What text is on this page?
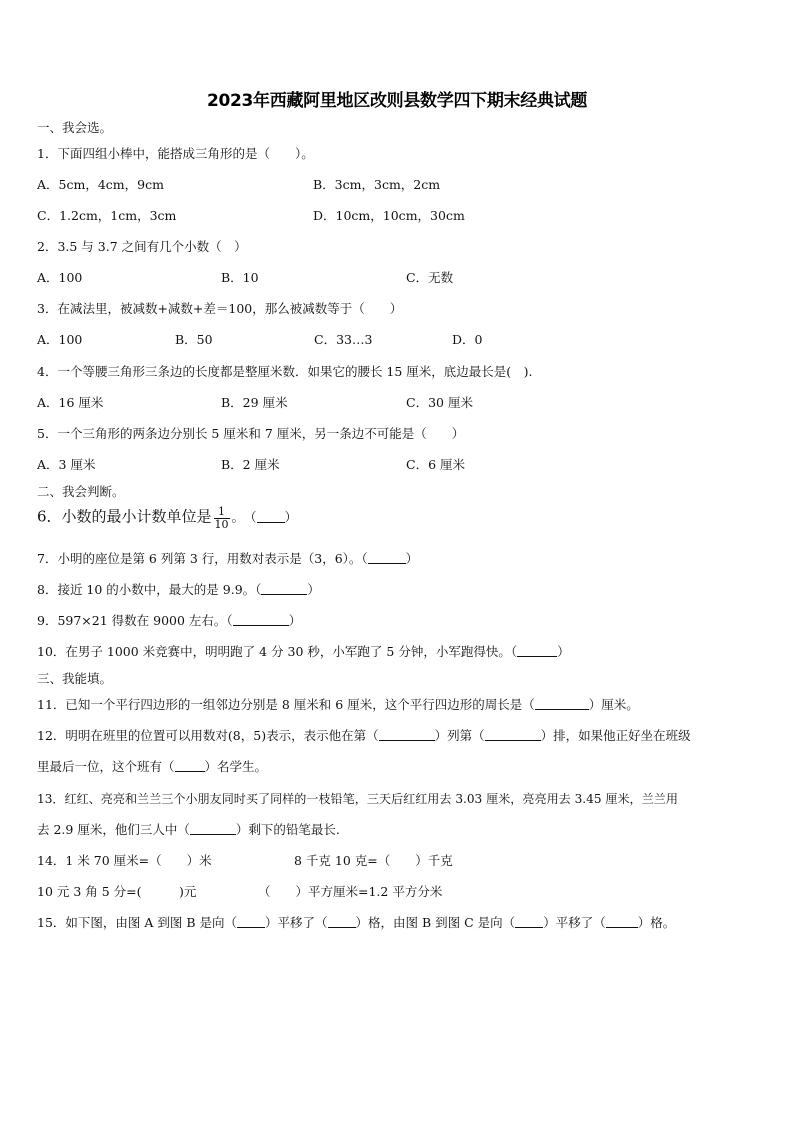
2023年西藏阿里地区改则县数学四下期末经典试题
一、我会选。
1．下面四组小棒中，能搭成三角形的是（　　）。
A．5cm，4cm，9cm	B．3cm，3cm，2cm
C．1.2cm，1cm，3cm	D．10cm，10cm，30cm
2．3.5 与 3.7 之间有几个小数（　）
A．100	B．10	C．无数
3．在减法里，被减数+减数+差＝100，那么被减数等于（　　）
A．100	B．50	C．33…3	D．0
4．一个等腰三角形三条边的长度都是整厘米数．如果它的腰长 15 厘米，底边最长是(　).
A．16 厘米	B．29 厘米	C．30 厘米
5．一个三角形的两条边分别长 5 厘米和 7 厘米，另一条边不可能是（　　）
A．3 厘米	B．2 厘米	C．6 厘米
二、我会判断。
6．小数的最小计数单位是 $\frac{1}{10}$ 。　（ ）
7．小明的座位是第 6 列第 3 行，用数对表示是（3，6）。（	）
8．接近 10 的小数中，最大的是 9.9。（	）
9．597×21 得数在 9000 左右。（	）
10．在男子 1000 米竞赛中，明明跑了 4 分 30 秒，小军跑了 5 分钟，小军跑得快。（	）
三、我能填。
11．已知一个平行四边形的一组邻边分别是 8 厘米和 6 厘米，这个平行四边形的周长是（	）厘米。
12．明明在班里的位置可以用数对(8，5)表示，表示他在第（	）列第（	）排，如果他正好坐在班级
里最后一位，这个班有（ ）名学生。
13．红红、亮亮和兰兰三个小朋友同时买了同样的一枝铅笔，三天后红红用去 3.03 厘米，亮亮用去 3.45 厘米，兰兰用
去 2.9 厘米，他们三人中（	）剩下的铅笔最长.
14．1 米 70 厘米=（　　）米	8 千克 10 克=（　　）千克
10 元 3 角 5 分=(　　　)元	（　　）平方厘米=1.2 平方分米
15．如下图，由图 A 到图 B 是向（ ）平移了（ ）格，由图 B 到图 C 是向（ ）平移了（	）格。
